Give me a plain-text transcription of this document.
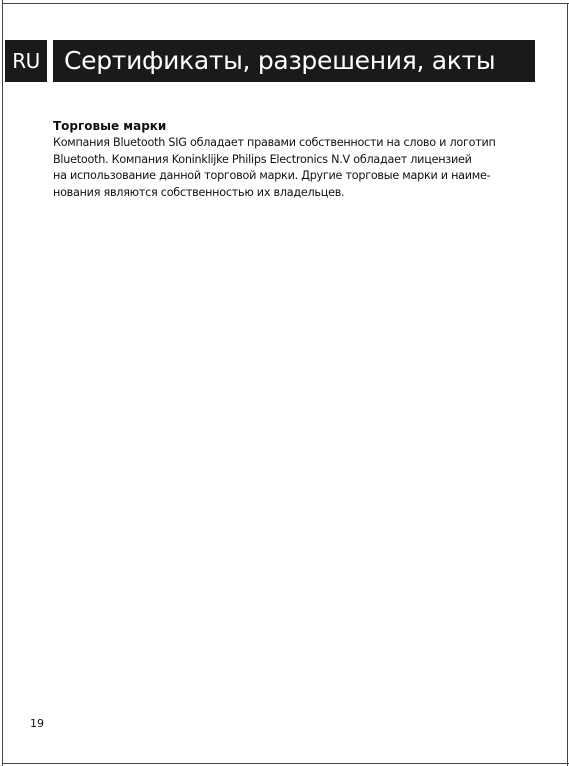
RU Сертификаты, разрешения, акты

Торговые марки

Компания Bluetooth SIG обладает правами собственности на слово и логотип

Bluetooth. Компания Koninklijke Philips Electronics N.V обладает лицензией

на использование данной торговой марки. Другие торговые марки и наиме-

нования являются собственностью их владельцев.

19
